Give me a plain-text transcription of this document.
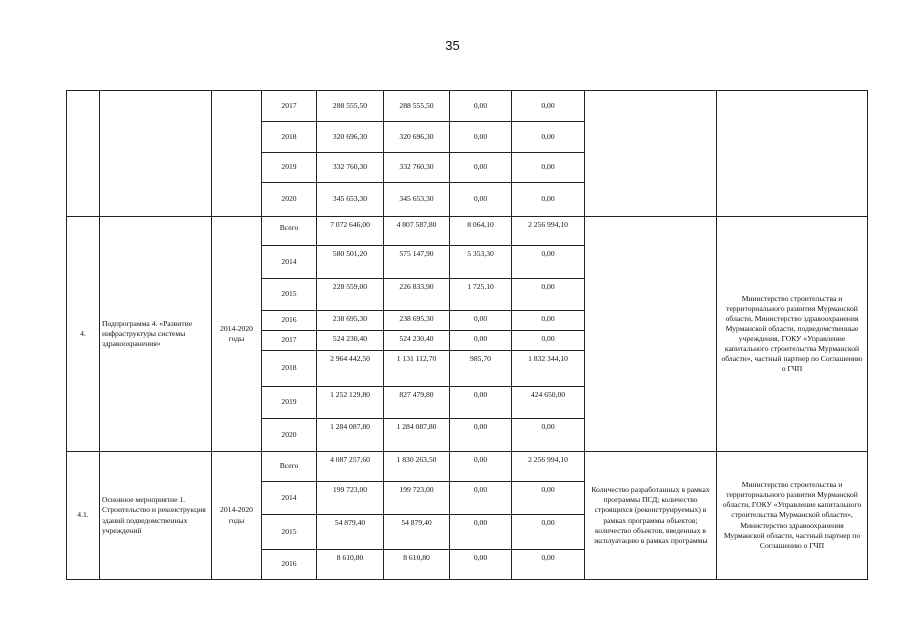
35
			2017	288 555,50	288 555,50	0,00	0,00		
			2018	320 696,30	320 696,30	0,00	0,00		
			2019	332 760,30	332 760,30	0,00	0,00		
			2020	345 653,30	345 653,30	0,00	0,00		
4.	Подпрограмма 4. «Развитие инфраструктуры системы здравоохранения»	2014-2020 годы	Всего	7 072 646,00	4 807 587,80	8 064,10	2 256 994,10		Министерство строительства и территориального развития Мурманской области, Министерство здравоохранения Мурманской области, подведомственные учреждения, ГОКУ «Управление капитального строительства Мурманской области», частный партнер по Соглашению о ГЧП
			2014	580 501,20	575 147,90	5 353,30	0,00		
			2015	228 559,00	226 833,90	1 725,10	0,00		
			2016	238 695,30	238 695,30	0,00	0,00		
			2017	524 230,40	524 230,40	0,00	0,00		
			2018	2 964 442,50	1 131 112,70	985,70	1 832 344,10		
			2019	1 252 129,80	827 479,80	0,00	424 650,00		
			2020	1 284 087,80	1 284 087,80	0,00	0,00		
4.1.	Основное мероприятие 1. Строительство и реконструкция зданий подведомственных учреждений	2014-2020 годы	Всего	4 087 257,60	1 830 263,50	0,00	2 256 994,10	Количество разработанных в рамках программы ПСД; количество строящихся (реконструируемых) в рамках программы объектов; количество объектов, введенных в эксплуатацию в рамках программы	Министерство строительства и территориального развития Мурманской области, ГОКУ «Управление капитального строительства Мурманской области», Министерство здравоохранения Мурманской области, частный партнер по Соглашению о ГЧП
			2014	199 723,00	199 723,00	0,00	0,00		
			2015	54 879,40	54 879,40	0,00	0,00		
			2016	8 610,80	8 610,80	0,00	0,00		
